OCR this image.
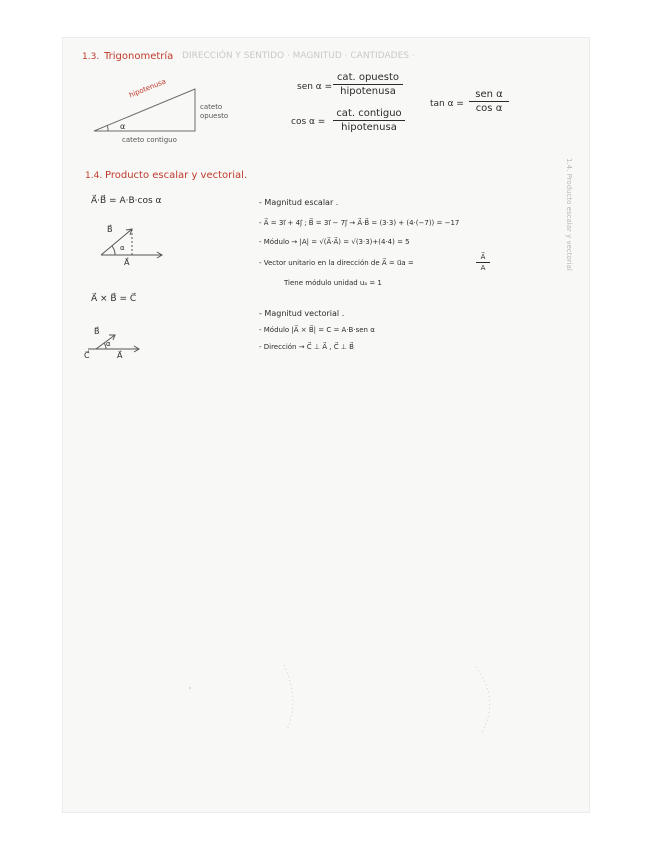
1.3. Trigonometría DIRECCIÓN Y SENTIDO · MAGNITUD · CANTIDADES ·
hipotenusa
cateto opuesto
cateto contiguo
α
sen α =
cat. opuesto
hipotenusa
cos α =
cat. contiguo
hipotenusa
tan α =
sen α
cos α
1.4. Producto escalar y vectorial
1.4. Producto escalar y vectorial.
A⃗·B⃗ = A·B·cos α
B⃗
A⃗
α
- Magnitud escalar .
- A⃗ = 3i⃗ + 4j⃗ ; B⃗ = 3i⃗ − 7j⃗ → A⃗·B⃗ = (3·3) + (4·(−7)) = −17
- Módulo → |A| = √(A⃗·A⃗) = √(3·3)+(4·4) = 5
- Vector unitario en la dirección de A⃗ = u⃗a =	$\frac{A⃗}{A}$
Tiene módulo unidad uₐ = 1
A⃗ × B⃗ = C⃗
B⃗
A⃗
C⃗
α
- Magnitud vectorial .
- Módulo |A⃗ × B⃗| = C = A·B·sen α
- Dirección → C⃗ ⊥ A⃗ , C⃗ ⊥ B⃗
